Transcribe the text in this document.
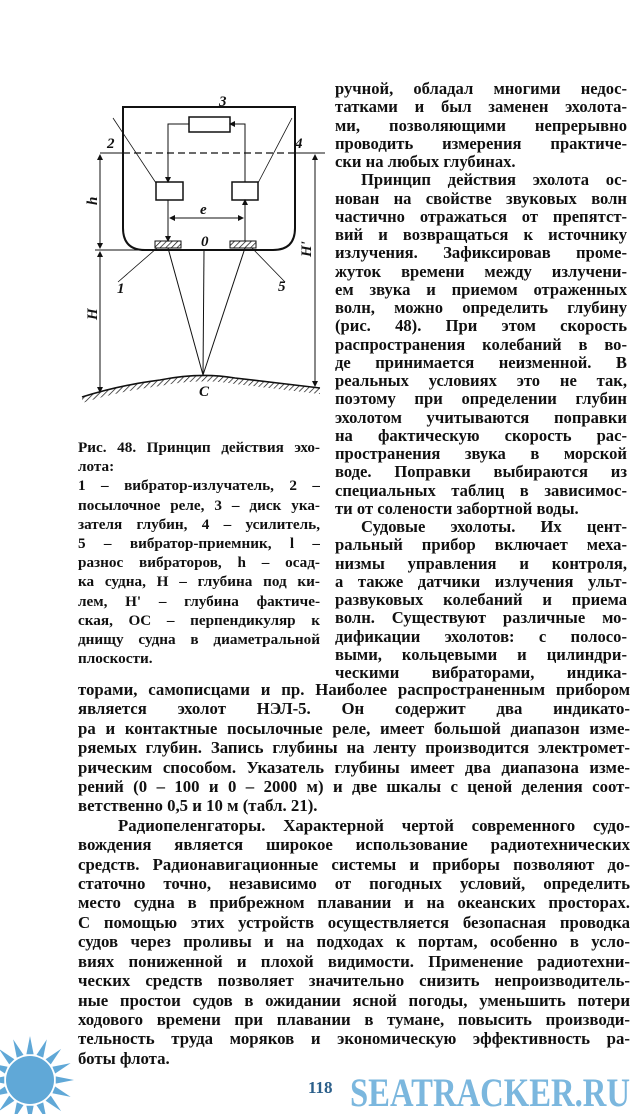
3
2	4
e
0
1	5
h
H
H'
C
Рис. 48. Принцип действия эхо-
лота:
1 – вибратор-излучатель, 2 –
посылочное реле, 3 – диск ука-
зателя глубин, 4 – усилитель,
5 – вибратор-приемник, l –
разнос вибраторов, h – осад-
ка судна, H – глубина под ки-
лем, H' – глубина фактиче-
ская, OC – перпендикуляр к
днищу судна в диаметральной
плоскости.
ручной, обладал многими недос-
татками и был заменен эхолота-
ми, позволяющими непрерывно
проводить измерения практиче-
ски на любых глубинах.
Принцип действия эхолота ос-
нован на свойстве звуковых волн
частично отражаться от препятст-
вий и возвращаться к источнику
излучения. Зафиксировав проме-
жуток времени между излучени-
ем звука и приемом отраженных
волн, можно определить глубину
(рис. 48). При этом скорость
распространения колебаний в во-
де принимается неизменной. В
реальных условиях это не так,
поэтому при определении глубин
эхолотом учитываются поправки
на фактическую скорость рас-
пространения звука в морской
воде. Поправки выбираются из
специальных таблиц в зависимос-
ти от солености забортной воды.
Судовые эхолоты. Их цент-
ральный прибор включает меха-
низмы управления и контроля,
а также датчики излучения ульт-
развуковых колебаний и приема
волн. Существуют различные мо-
дификации эхолотов: с полосо-
выми, кольцевыми и цилиндри-
ческими вибраторами, индика-
торами, самописцами и пр. Наиболее распространенным прибором
является эхолот НЭЛ-5. Он содержит два индикато-
ра и контактные посылочные реле, имеет большой диапазон изме-
ряемых глубин. Запись глубины на ленту производится электромет-
рическим способом. Указатель глубины имеет два диапазона изме-
рений (0 – 100 и 0 – 2000 м) и две шкалы с ценой деления соот-
ветственно 0,5 и 10 м (табл. 21).
Радиопеленгаторы. Характерной чертой современного судо-
вождения является широкое использование радиотехнических
средств. Радионавигационные системы и приборы позволяют до-
статочно точно, независимо от погодных условий, определить
место судна в прибрежном плавании и на океанских просторах.
С помощью этих устройств осуществляется безопасная проводка
судов через проливы и на подходах к портам, особенно в усло-
виях пониженной и плохой видимости. Применение радиотехни-
ческих средств позволяет значительно снизить непроизводитель-
ные простои судов в ожидании ясной погоды, уменьшить потери
ходового времени при плавании в тумане, повысить производи-
тельность труда моряков и экономическую эффективность ра-
боты флота.
SEATRACKER.RU
118
